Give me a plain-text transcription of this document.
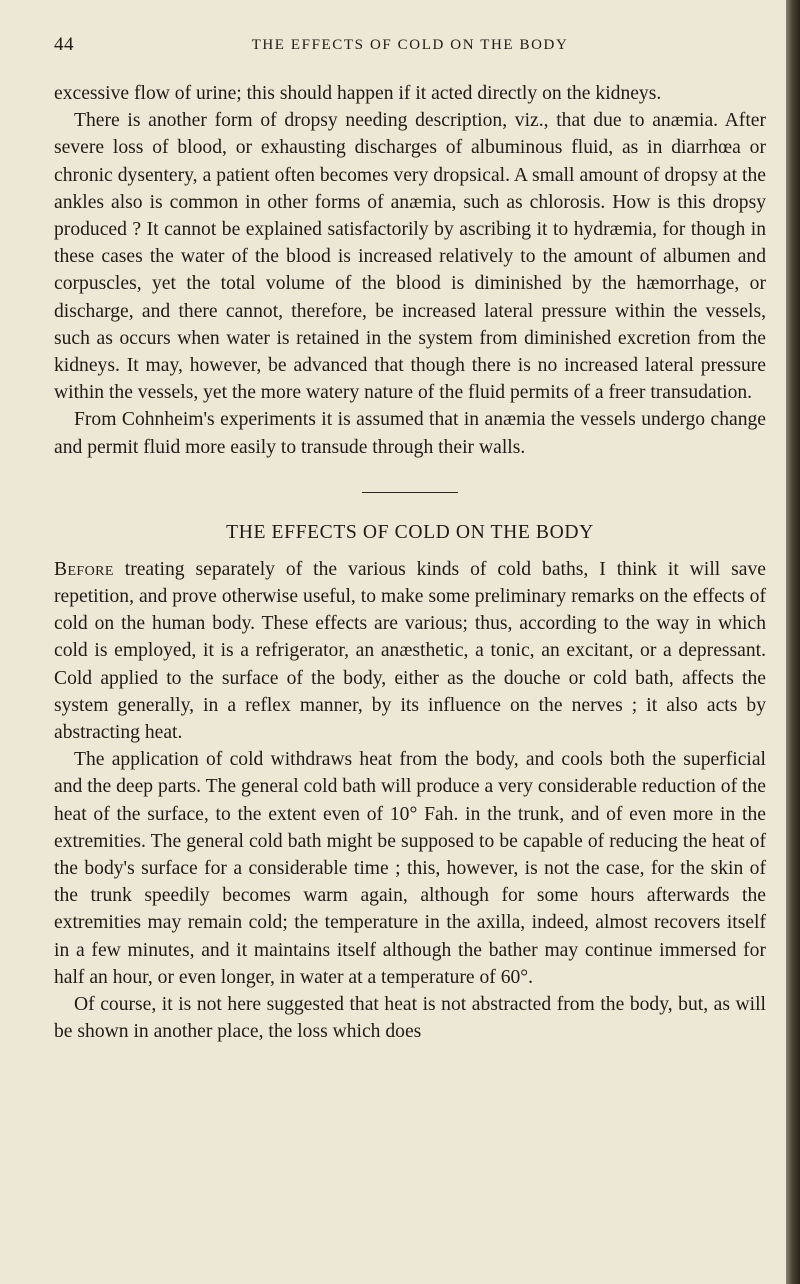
44	THE EFFECTS OF COLD ON THE BODY

excessive flow of urine; this should happen if it acted directly on the kidneys.

There is another form of dropsy needing description, viz., that due to anæmia. After severe loss of blood, or exhausting discharges of albuminous fluid, as in diarrhœa or chronic dysentery, a patient often becomes very dropsical. A small amount of dropsy at the ankles also is common in other forms of anæmia, such as chlorosis. How is this dropsy produced ? It cannot be explained satisfactorily by ascribing it to hydræmia, for though in these cases the water of the blood is increased relatively to the amount of albumen and corpuscles, yet the total volume of the blood is diminished by the hæmorrhage, or discharge, and there cannot, therefore, be increased lateral pressure within the vessels, such as occurs when water is retained in the system from diminished excretion from the kidneys. It may, however, be advanced that though there is no increased lateral pressure within the vessels, yet the more watery nature of the fluid permits of a freer transudation.

From Cohnheim's experiments it is assumed that in anæmia the vessels undergo change and permit fluid more easily to transude through their walls.

THE EFFECTS OF COLD ON THE BODY

Before treating separately of the various kinds of cold baths, I think it will save repetition, and prove otherwise useful, to make some preliminary remarks on the effects of cold on the human body. These effects are various; thus, according to the way in which cold is employed, it is a refrigerator, an anæsthetic, a tonic, an excitant, or a depressant. Cold applied to the surface of the body, either as the douche or cold bath, affects the system generally, in a reflex manner, by its influence on the nerves ; it also acts by abstracting heat.

The application of cold withdraws heat from the body, and cools both the superficial and the deep parts. The general cold bath will produce a very considerable reduction of the heat of the surface, to the extent even of 10° Fah. in the trunk, and of even more in the extremities. The general cold bath might be supposed to be capable of reducing the heat of the body's surface for a considerable time ; this, however, is not the case, for the skin of the trunk speedily becomes warm again, although for some hours afterwards the extremities may remain cold; the temperature in the axilla, indeed, almost recovers itself in a few minutes, and it maintains itself although the bather may continue immersed for half an hour, or even longer, in water at a temperature of 60°.

Of course, it is not here suggested that heat is not abstracted from the body, but, as will be shown in another place, the loss which does
